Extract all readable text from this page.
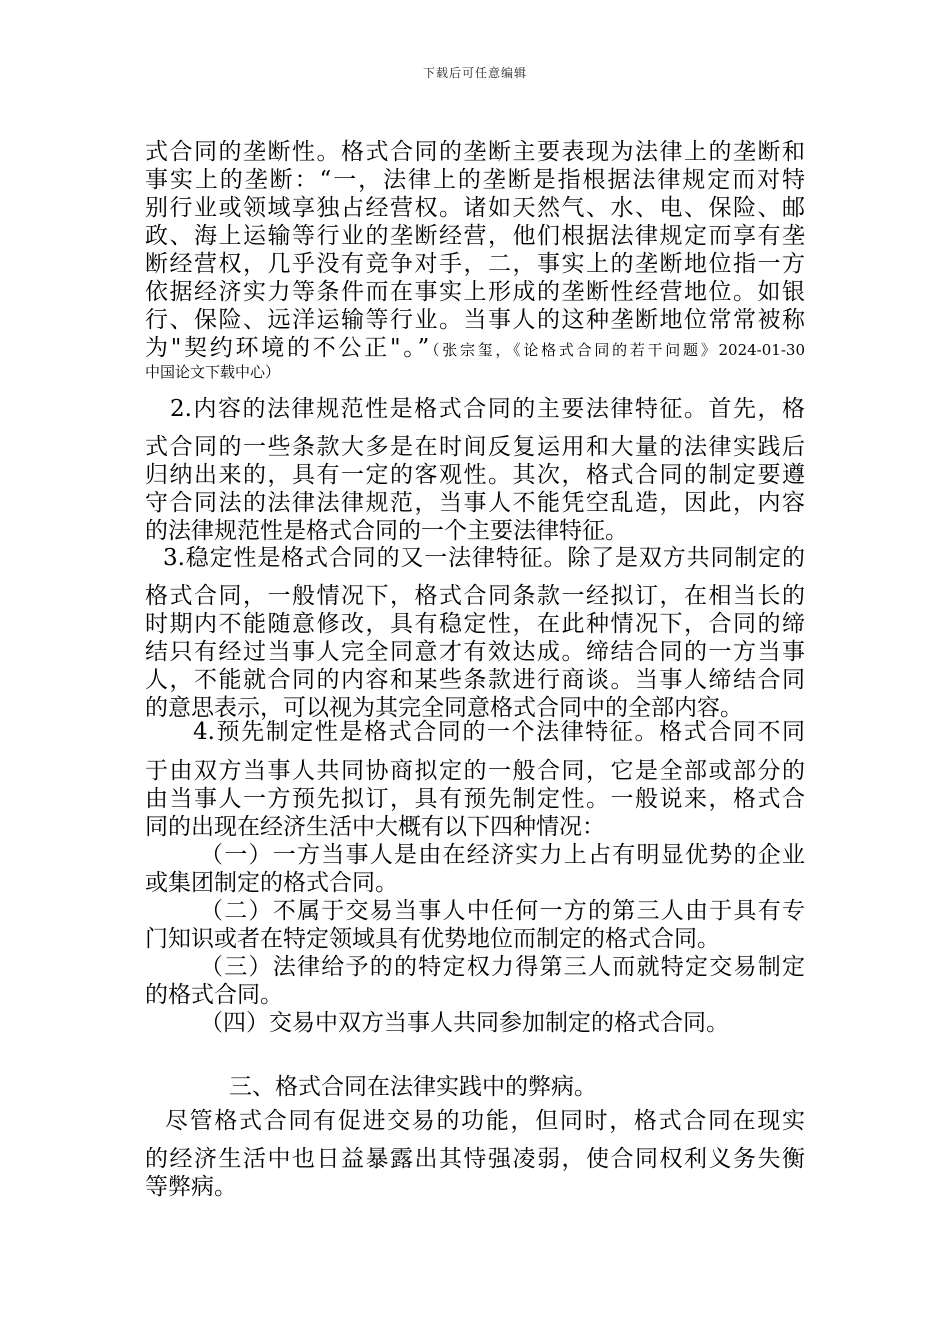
下载后可任意编辑
式合同的垄断性。格式合同的垄断主要表现为法律上的垄断和
事实上的垄断：“一，法律上的垄断是指根据法律规定而对特
别行业或领域享独占经营权。诸如天然气、水、电、保险、邮
政、海上运输等行业的垄断经营，他们根据法律规定而享有垄
断经营权，几乎没有竞争对手，二，事实上的垄断地位指一方
依据经济实力等条件而在事实上形成的垄断性经营地位。如银
行、保险、远洋运输等行业。当事人的这种垄断地位常常被称
为"契约环境的不公正"。”（张宗玺，《论格式合同的若干问题》2024-01-30
中国论文下载中心）
2.内容的法律规范性是格式合同的主要法律特征。首先，格
式合同的一些条款大多是在时间反复运用和大量的法律实践后
归纳出来的，具有一定的客观性。其次，格式合同的制定要遵
守合同法的法律法律规范，当事人不能凭空乱造，因此，内容
的法律规范性是格式合同的一个主要法律特征。
3.稳定性是格式合同的又一法律特征。除了是双方共同制定的
格式合同，一般情况下，格式合同条款一经拟订，在相当长的
时期内不能随意修改，具有稳定性，在此种情况下，合同的缔
结只有经过当事人完全同意才有效达成。缔结合同的一方当事
人，不能就合同的内容和某些条款进行商谈。当事人缔结合同
的意思表示，可以视为其完全同意格式合同中的全部内容。
4.预先制定性是格式合同的一个法律特征。格式合同不同
于由双方当事人共同协商拟定的一般合同，它是全部或部分的
由当事人一方预先拟订，具有预先制定性。一般说来，格式合
同的出现在经济生活中大概有以下四种情况：
（一）一方当事人是由在经济实力上占有明显优势的企业
或集团制定的格式合同。
（二）不属于交易当事人中任何一方的第三人由于具有专
门知识或者在特定领域具有优势地位而制定的格式合同。
（三）法律给予的的特定权力得第三人而就特定交易制定
的格式合同。
（四）交易中双方当事人共同参加制定的格式合同。
三、格式合同在法律实践中的弊病。
尽管格式合同有促进交易的功能，但同时，格式合同在现实
的经济生活中也日益暴露出其恃强凌弱，使合同权利义务失衡
等弊病。
